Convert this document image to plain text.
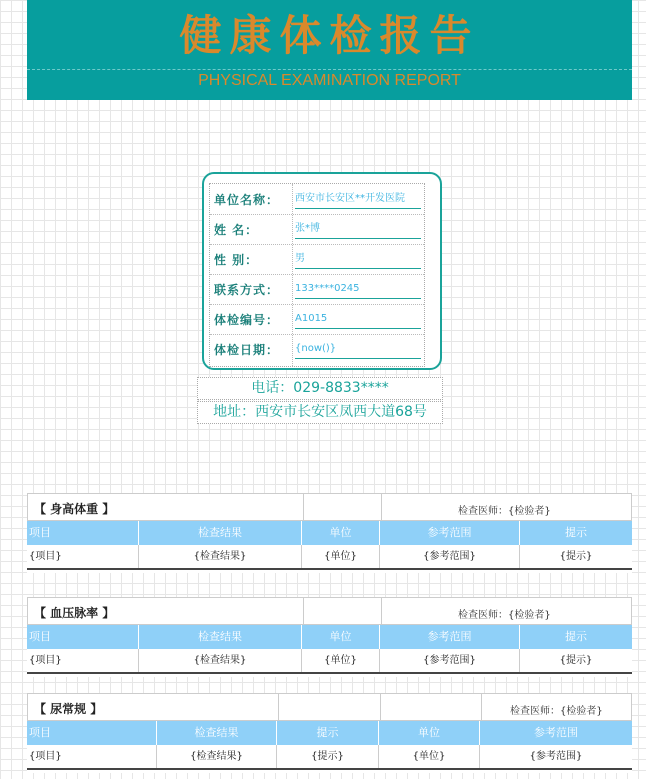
健康体检报告
PHYSICAL EXAMINATION REPORT
单位名称：	西安市长安区**开发医院
姓 名：	张*博
性 别：	男
联系方式：	133****0245
体检编号：	A1015
体检日期：	{now()}
电话：029-8833****
地址：西安市长安区凤西大道68号
【 身高体重 】	检查医师：{检验者}
项目	检查结果	单位	参考范围	提示
{项目}	{检查结果}	{单位}	{参考范围}	{提示}
【 血压脉率 】	检查医师：{检验者}
项目	检查结果	单位	参考范围	提示
{项目}	{检查结果}	{单位}	{参考范围}	{提示}
【 尿常规 】	检查医师：{检验者}
项目	检查结果	提示	单位	参考范围
{项目}	{检查结果}	{提示}	{单位}	{参考范围}
